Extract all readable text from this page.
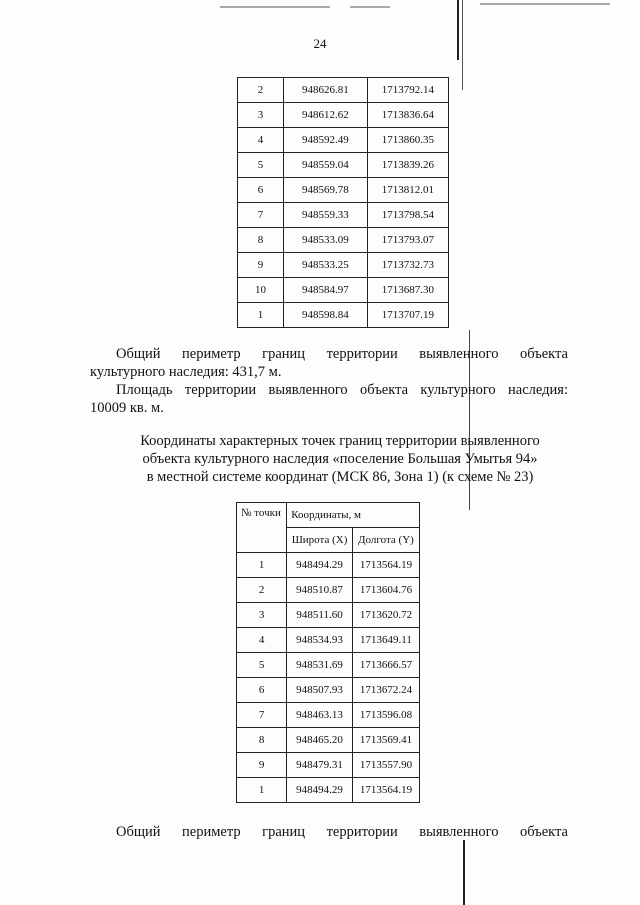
24
2	948626.81	1713792.14
3	948612.62	1713836.64
4	948592.49	1713860.35
5	948559.04	1713839.26
6	948569.78	1713812.01
7	948559.33	1713798.54
8	948533.09	1713793.07
9	948533.25	1713732.73
10	948584.97	1713687.30
1	948598.84	1713707.19
Общий периметр границ территории выявленного объекта
культурного наследия: 431,7 м.
Площадь территории выявленного объекта культурного наследия:
10009 кв. м.
Координаты характерных точек границ территории выявленного
объекта культурного наследия «поселение Большая Умытья 94»
в местной системе координат (МСК 86, Зона 1) (к схеме № 23)
№ точки	Координаты, м	
	Широта (X)	Долгота (Y)
1	948494.29	1713564.19
2	948510.87	1713604.76
3	948511.60	1713620.72
4	948534.93	1713649.11
5	948531.69	1713666.57
6	948507.93	1713672.24
7	948463.13	1713596.08
8	948465.20	1713569.41
9	948479.31	1713557.90
1	948494.29	1713564.19
Общий периметр границ территории выявленного объекта
